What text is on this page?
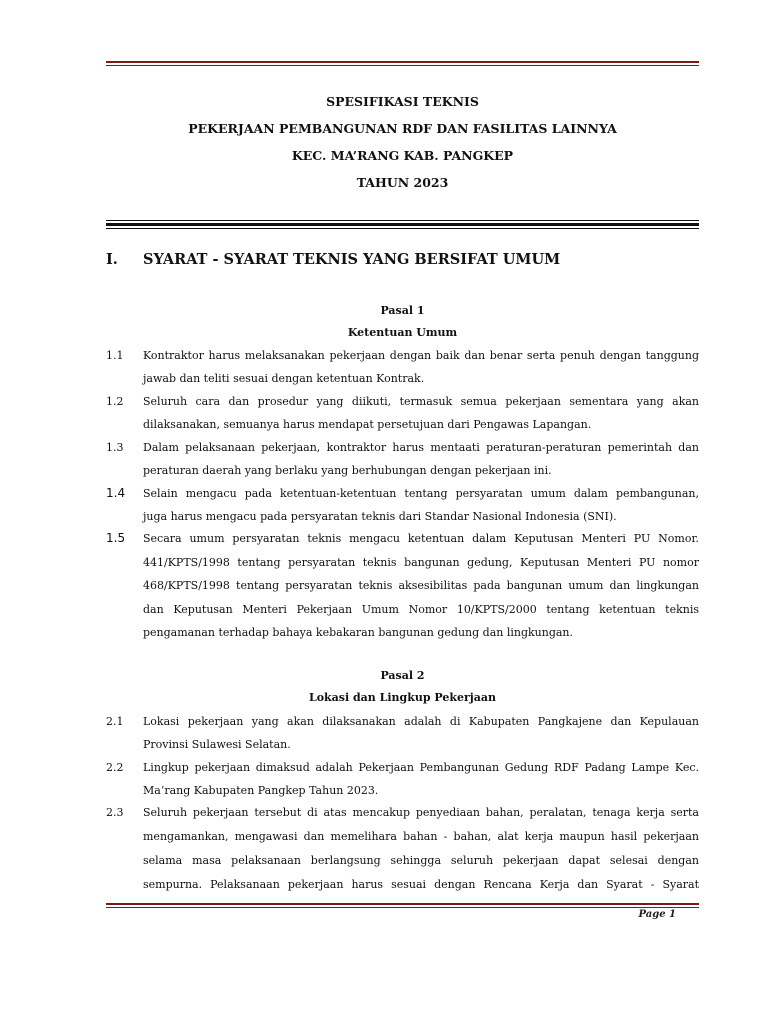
SPESIFIKASI TEKNIS
PEKERJAAN PEMBANGUNAN RDF DAN FASILITAS LAINNYA
KEC. MA’RANG KAB. PANGKEP
TAHUN 2023
I. SYARAT - SYARAT TEKNIS YANG BERSIFAT UMUM
Pasal 1
Ketentuan Umum
1.1 Kontraktor harus melaksanakan pekerjaan dengan baik dan benar serta penuh dengan tanggung
jawab dan teliti sesuai dengan ketentuan Kontrak.
1.2 Seluruh cara dan prosedur yang diikuti, termasuk semua pekerjaan sementara yang akan
dilaksanakan, semuanya harus mendapat persetujuan dari Pengawas Lapangan.
1.3 Dalam pelaksanaan pekerjaan, kontraktor harus mentaati peraturan-peraturan pemerintah dan
peraturan daerah yang berlaku yang berhubungan dengan pekerjaan ini.
1.4 Selain mengacu pada ketentuan-ketentuan tentang persyaratan umum dalam pembangunan,
juga harus mengacu pada persyaratan teknis dari Standar Nasional Indonesia (SNI).
1.5 Secara umum persyaratan teknis mengacu ketentuan dalam Keputusan Menteri PU Nomor.
441/KPTS/1998 tentang persyaratan teknis bangunan gedung, Keputusan Menteri PU nomor
468/KPTS/1998 tentang persyaratan teknis aksesibilitas pada bangunan umum dan lingkungan
dan Keputusan Menteri Pekerjaan Umum Nomor 10/KPTS/2000 tentang ketentuan teknis
pengamanan terhadap bahaya kebakaran bangunan gedung dan lingkungan.
Pasal 2
Lokasi dan Lingkup Pekerjaan
2.1 Lokasi pekerjaan yang akan dilaksanakan adalah di Kabupaten Pangkajene dan Kepulauan
Provinsi Sulawesi Selatan.
2.2 Lingkup pekerjaan dimaksud adalah Pekerjaan Pembangunan Gedung RDF Padang Lampe Kec.
Ma’rang Kabupaten Pangkep Tahun 2023.
2.3 Seluruh pekerjaan tersebut di atas mencakup penyediaan bahan, peralatan, tenaga kerja serta
mengamankan, mengawasi dan memelihara bahan - bahan, alat kerja maupun hasil pekerjaan
selama masa pelaksanaan berlangsung sehingga seluruh pekerjaan dapat selesai dengan
sempurna. Pelaksanaan pekerjaan harus sesuai dengan Rencana Kerja dan Syarat - Syarat
Page 1
